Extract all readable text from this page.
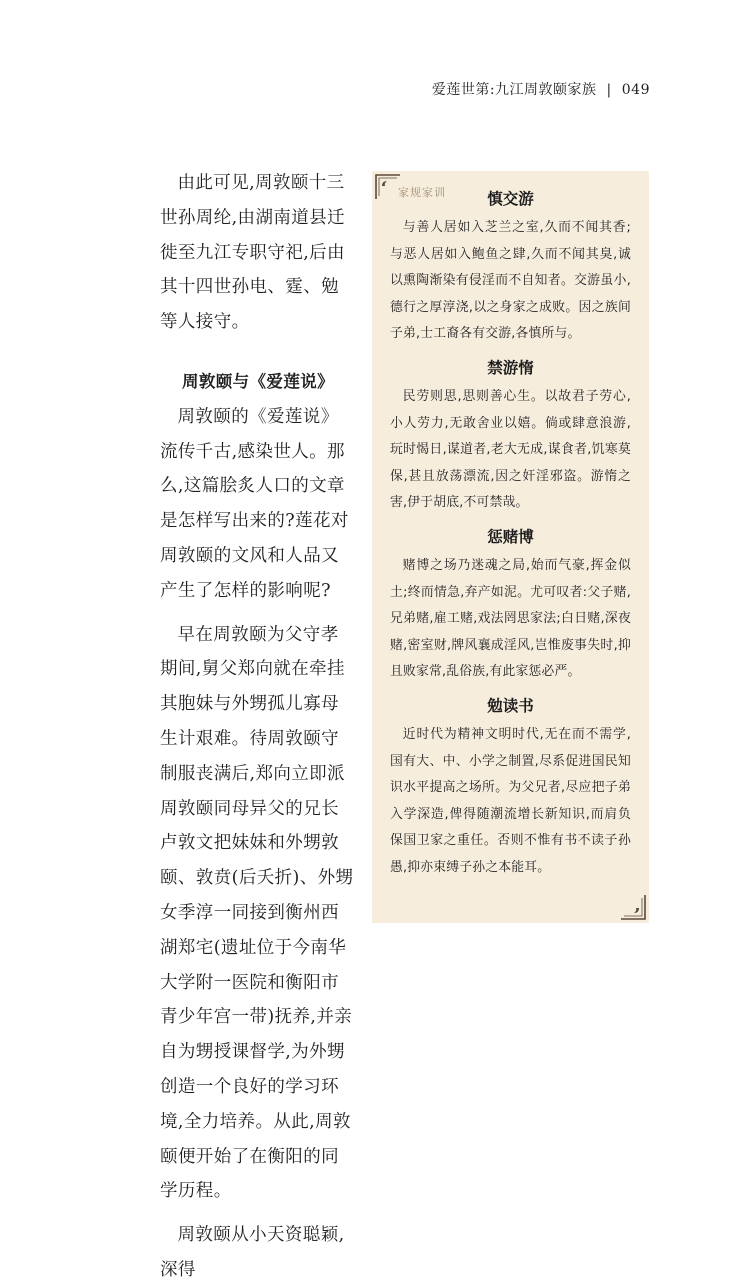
爱莲世第:九江周敦颐家族 | 049

由此可见,周敦颐十三世孙周纶,由湖南道县迁徙至九江专职守祀,后由其十四世孙电、霆、勉等人接守。

周敦颐与《爱莲说》

周敦颐的《爱莲说》流传千古,感染世人。那么,这篇脍炙人口的文章是怎样写出来的?莲花对周敦颐的文风和人品又产生了怎样的影响呢?

早在周敦颐为父守孝期间,舅父郑向就在牵挂其胞妹与外甥孤儿寡母生计艰难。待周敦颐守制服丧满后,郑向立即派周敦颐同母异父的兄长卢敦文把妹妹和外甥敦颐、敦贲(后夭折)、外甥女季淳一同接到衡州西湖郑宅(遗址位于今南华大学附一医院和衡阳市青少年宫一带)抚养,并亲自为甥授课督学,为外甥创造一个良好的学习环境,全力培养。从此,周敦颐便开始了在衡阳的同学历程。

周敦颐从小天资聪颖,深得

家规家训	慎交游

与善人居如入芝兰之室,久而不闻其香;与恶人居如入鲍鱼之肆,久而不闻其臭,诚以熏陶渐染有侵淫而不自知者。交游虽小,德行之厚淳浇,以之身家之成败。因之族间子弟,士工裔各有交游,各慎所与。

禁游惰

民劳则思,思则善心生。以故君子劳心,小人劳力,无敢舍业以嬉。倘或肆意浪游,玩时愒日,谋道者,老大无成,谋食者,饥寒莫保,甚且放荡漂流,因之奸淫邪盗。游惰之害,伊于胡底,不可禁哉。

惩赌博

赌博之场乃迷魂之局,始而气豪,挥金似土;终而情急,弃产如泥。尤可叹者:父子赌,兄弟赌,雇工赌,戏法罔思家法;白日赌,深夜赌,密室财,牌风襄成淫风,岂惟废事失时,抑且败家常,乱俗族,有此家惩必严。

勉读书

近时代为精神文明时代,无在而不需学,国有大、中、小学之制置,尽系促进国民知识水平提高之场所。为父兄者,尽应把子弟入学深造,俾得随潮流增长新知识,而肩负保国卫家之重任。否则不惟有书不读子孙愚,抑亦束缚子孙之本能耳。
